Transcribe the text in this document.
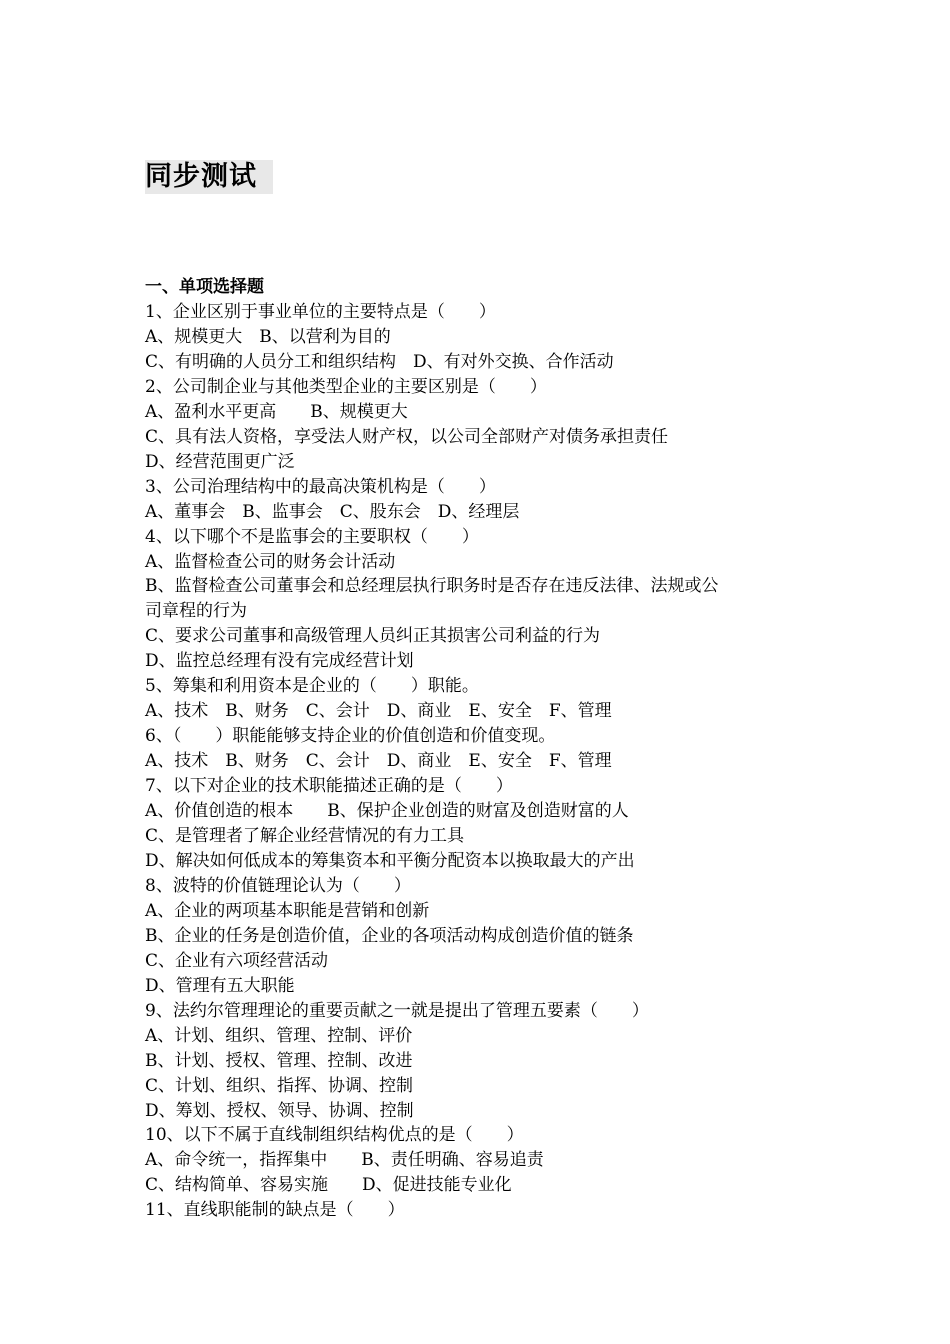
同步测试
一、单项选择题
1、企业区别于事业单位的主要特点是（　　）
A、规模更大　B、以营利为目的
C、有明确的人员分工和组织结构　D、有对外交换、合作活动
2、公司制企业与其他类型企业的主要区别是（　　）
A、盈利水平更高　　B、规模更大
C、具有法人资格，享受法人财产权，以公司全部财产对债务承担责任
D、经营范围更广泛
3、公司治理结构中的最高决策机构是（　　）
A、董事会　B、监事会　C、股东会　D、经理层
4、以下哪个不是监事会的主要职权（　　）
A、监督检查公司的财务会计活动
B、监督检查公司董事会和总经理层执行职务时是否存在违反法律、法规或公
司章程的行为
C、要求公司董事和高级管理人员纠正其损害公司利益的行为
D、监控总经理有没有完成经营计划
5、筹集和利用资本是企业的（　　）职能。
A、技术　B、财务　C、会计　D、商业　E、安全　F、管理
6、（　　）职能能够支持企业的价值创造和价值变现。
A、技术　B、财务　C、会计　D、商业　E、安全　F、管理
7、以下对企业的技术职能描述正确的是（　　）
A、价值创造的根本　　B、保护企业创造的财富及创造财富的人
C、是管理者了解企业经营情况的有力工具
D、解决如何低成本的筹集资本和平衡分配资本以换取最大的产出
8、波特的价值链理论认为（　　）
A、企业的两项基本职能是营销和创新
B、企业的任务是创造价值，企业的各项活动构成创造价值的链条
C、企业有六项经营活动
D、管理有五大职能
9、法约尔管理理论的重要贡献之一就是提出了管理五要素（　　）
A、计划、组织、管理、控制、评价
B、计划、授权、管理、控制、改进
C、计划、组织、指挥、协调、控制
D、筹划、授权、领导、协调、控制
10、以下不属于直线制组织结构优点的是（　　）
A、命令统一，指挥集中　　B、责任明确、容易追责
C、结构简单、容易实施　　D、促进技能专业化
11、直线职能制的缺点是（　　）
